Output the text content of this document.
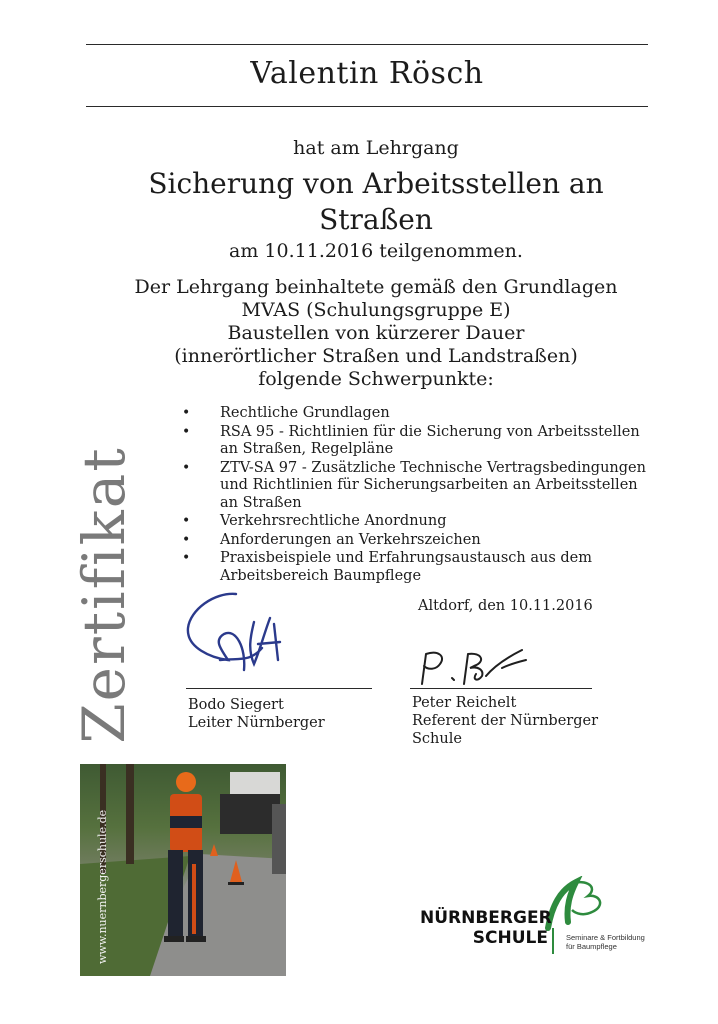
Valentin Rösch
hat am Lehrgang
Sicherung von Arbeitsstellen an
Straßen
am 10.11.2016 teilgenommen.
Der Lehrgang beinhaltete gemäß den Grundlagen
MVAS (Schulungsgruppe E)
Baustellen von kürzerer Dauer
(innerörtlicher Straßen und Landstraßen)
folgende Schwerpunkte:
• Rechtliche Grundlagen
• RSA 95 - Richtlinien für die Sicherung von Arbeitsstellen
an Straßen, Regelpläne
• ZTV-SA 97 - Zusätzliche Technische Vertragsbedingungen
und Richtlinien für Sicherungsarbeiten an Arbeitsstellen
an Straßen
• Verkehrsrechtliche Anordnung
• Anforderungen an Verkehrszeichen
• Praxisbeispiele und Erfahrungsaustausch aus dem
Arbeitsbereich Baumpflege
Zertifikat	Altdorf, den 10.11.2016
Bodo Siegert
Leiter Nürnberger
Peter Reichelt
Referent der Nürnberger
Schule
www.nuernbergerschule.de	NÜRNBERGER
SCHULE Seminare & Fortbildung
für Baumpflege
